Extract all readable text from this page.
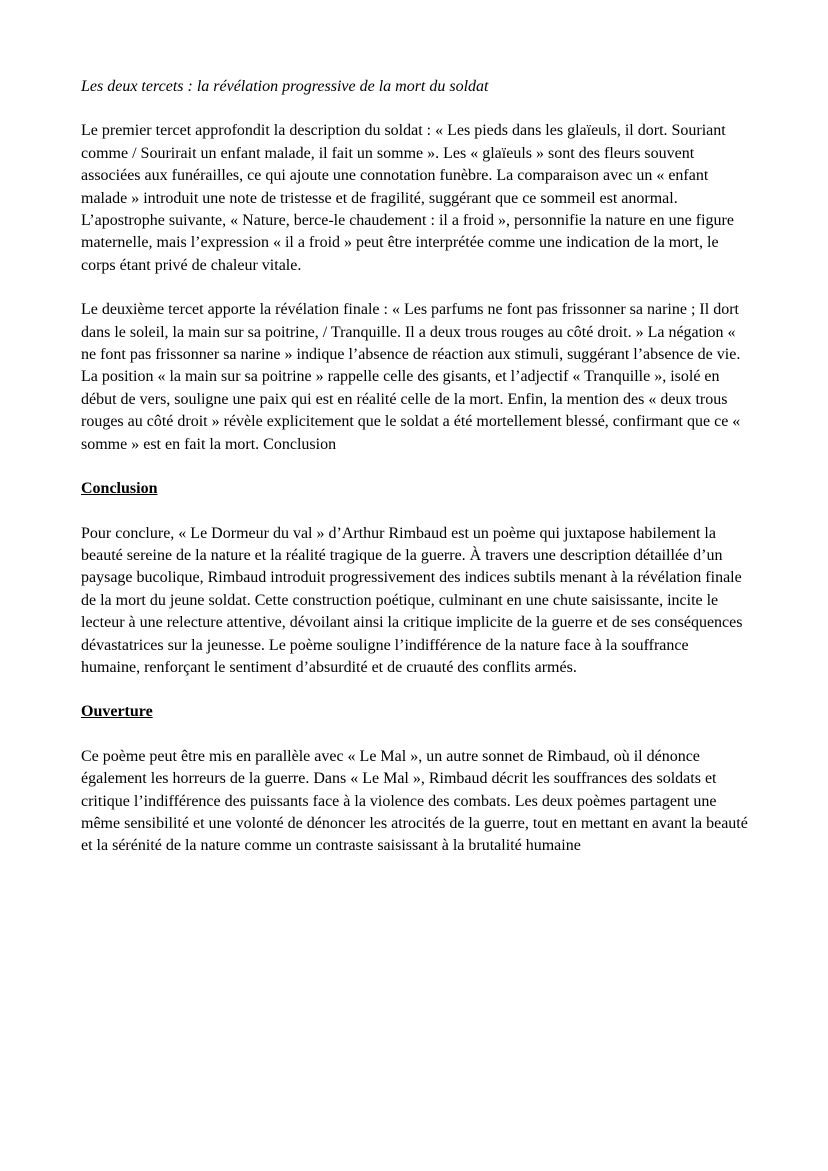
Les deux tercets : la révélation progressive de la mort du soldat

Le premier tercet approfondit la description du soldat : « Les pieds dans les glaïeuls, il dort. Souriant comme / Sourirait un enfant malade, il fait un somme ». Les « glaïeuls » sont des fleurs souvent associées aux funérailles, ce qui ajoute une connotation funèbre. La comparaison avec un « enfant malade » introduit une note de tristesse et de fragilité, suggérant que ce sommeil est anormal. L’apostrophe suivante, « Nature, berce-le chaudement : il a froid », personnifie la nature en une figure maternelle, mais l’expression « il a froid » peut être interprétée comme une indication de la mort, le corps étant privé de chaleur vitale.

Le deuxième tercet apporte la révélation finale : « Les parfums ne font pas frissonner sa narine ; Il dort dans le soleil, la main sur sa poitrine, / Tranquille. Il a deux trous rouges au côté droit. » La négation « ne font pas frissonner sa narine » indique l’absence de réaction aux stimuli, suggérant l’absence de vie. La position « la main sur sa poitrine » rappelle celle des gisants, et l’adjectif « Tranquille », isolé en début de vers, souligne une paix qui est en réalité celle de la mort. Enfin, la mention des « deux trous rouges au côté droit » révèle explicitement que le soldat a été mortellement blessé, confirmant que ce « somme » est en fait la mort. Conclusion

Conclusion

Pour conclure, « Le Dormeur du val » d’Arthur Rimbaud est un poème qui juxtapose habilement la beauté sereine de la nature et la réalité tragique de la guerre. À travers une description détaillée d’un paysage bucolique, Rimbaud introduit progressivement des indices subtils menant à la révélation finale de la mort du jeune soldat. Cette construction poétique, culminant en une chute saisissante, incite le lecteur à une relecture attentive, dévoilant ainsi la critique implicite de la guerre et de ses conséquences dévastatrices sur la jeunesse. Le poème souligne l’indifférence de la nature face à la souffrance humaine, renforçant le sentiment d’absurdité et de cruauté des conflits armés.

Ouverture

Ce poème peut être mis en parallèle avec « Le Mal », un autre sonnet de Rimbaud, où il dénonce également les horreurs de la guerre. Dans « Le Mal », Rimbaud décrit les souffrances des soldats et critique l’indifférence des puissants face à la violence des combats. Les deux poèmes partagent une même sensibilité et une volonté de dénoncer les atrocités de la guerre, tout en mettant en avant la beauté et la sérénité de la nature comme un contraste saisissant à la brutalité humaine
